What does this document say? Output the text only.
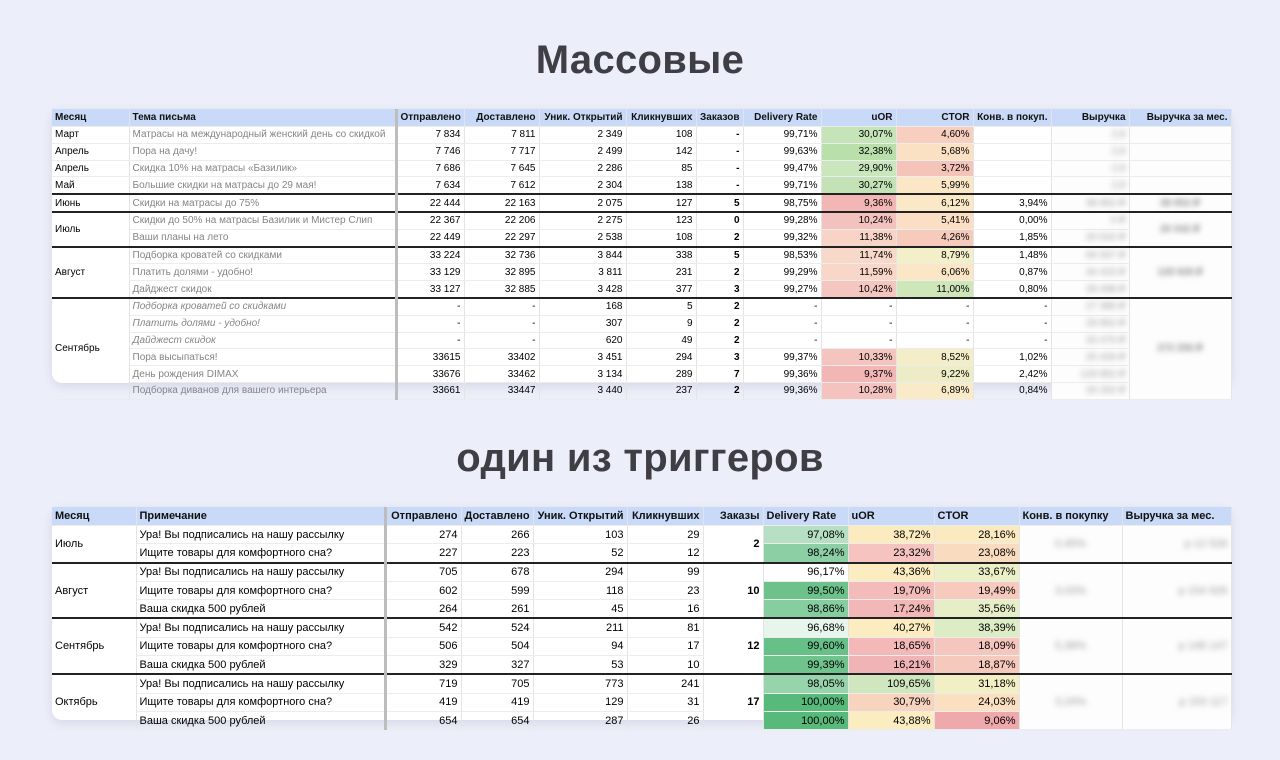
Массовые
Месяц	Тема письма	Отправлено	Доставлено	Уник. Открытий	Кликнувших	Заказов	Delivery Rate	uOR	CTOR	Конв. в покуп.	Выручка	Выручка за мес.
Март	Матрасы на международный женский день со скидкой	7 834	7 811	2 349	108	-	99,71%	30,07%	4,60%		2,8	
Апрель	Пора на дачу!	7 746	7 717	2 499	142	-	99,63%	32,38%	5,68%		2,8	
Апрель	Скидка 10% на матрасы «Базилик»	7 686	7 645	2 286	85	-	99,47%	29,90%	3,72%		2,8	
Май	Большие скидки на матрасы до 29 мая!	7 634	7 612	2 304	138	-	99,71%	30,27%	5,99%		2,8	
Июнь	Скидки на матрасы до 75%	22 444	22 163	2 075	127	5	98,75%	9,36%	6,12%	3,94%	38 852 ₽	38 852 ₽
Июль	Скидки до 50% на матрасы Базилик и Мистер Слип	22 367	22 206	2 275	123	0	99,28%	10,24%	5,41%	0,00%	0 ₽	20 542 ₽
	Ваши планы на лето	22 449	22 297	2 538	108	2	99,32%	11,38%	4,26%	1,85%	20 542 ₽	
Август	Подборка кроватей со скидками	33 224	32 736	3 844	338	5	98,53%	11,74%	8,79%	1,48%	66 007 ₽	128 928 ₽
	Платить долями - удобно!	33 129	32 895	3 811	231	2	99,29%	11,59%	6,06%	0,87%	34 423 ₽	
	Дайджест скидок	33 127	32 885	3 428	377	3	99,27%	10,42%	11,00%	0,80%	28 498 ₽	
Сентябрь	Подборка кроватей со скидками	-	-	168	5	2	-	-	-	-	27 385 ₽	272 256 ₽
	Платить долями - удобно!	-	-	307	9	2	-	-	-	-	29 852 ₽	
	Дайджест скидок	-	-	620	49	2	-	-	-	-	33 470 ₽	
	Пора высыпаться!	33615	33402	3 451	294	3	99,37%	10,33%	8,52%	1,02%	25 426 ₽	
	День рождения DIMAX	33676	33462	3 134	289	7	99,36%	9,37%	9,22%	2,42%	129 852 ₽	
	Подборка диванов для вашего интерьера	33661	33447	3 440	237	2	99,36%	10,28%	6,89%	0,84%	26 262 ₽	
один из триггеров
Месяц	Примечание	Отправлено	Доставлено	Уник. Открытий	Кликнувших	Заказы	Delivery Rate	uOR	CTOR	Конв. в покупку	Выручка за мес.
Июль	Ура! Вы подписались на нашу рассылку	274	266	103	29	2	97,08%	38,72%	28,16%	0,45%	р 12 526
	Ищите товары для комфортного сна?	227	223	52	12		98,24%	23,32%	23,08%		
Август	Ура! Вы подписались на нашу рассылку	705	678	294	99	10	96,17%	43,36%	33,67%	3,03%	р 154 926
	Ищите товары для комфортного сна?	602	599	118	23		99,50%	19,70%	19,49%		
	Ваша скидка 500 рублей	264	261	45	16		98,86%	17,24%	35,56%		
Сентябрь	Ура! Вы подписались на нашу рассылку	542	524	211	81	12	96,68%	40,27%	38,39%	5,38%	р 148 147
	Ищите товары для комфортного сна?	506	504	94	17		99,60%	18,65%	18,09%		
	Ваша скидка 500 рублей	329	327	53	10		99,39%	16,21%	18,87%		
Октябрь	Ура! Вы подписались на нашу рассылку	719	705	773	241	17	98,05%	109,65%	31,18%	3,24%	р 153 117
	Ищите товары для комфортного сна?	419	419	129	31		100,00%	30,79%	24,03%		
	Ваша скидка 500 рублей	654	654	287	26		100,00%	43,88%	9,06%		
